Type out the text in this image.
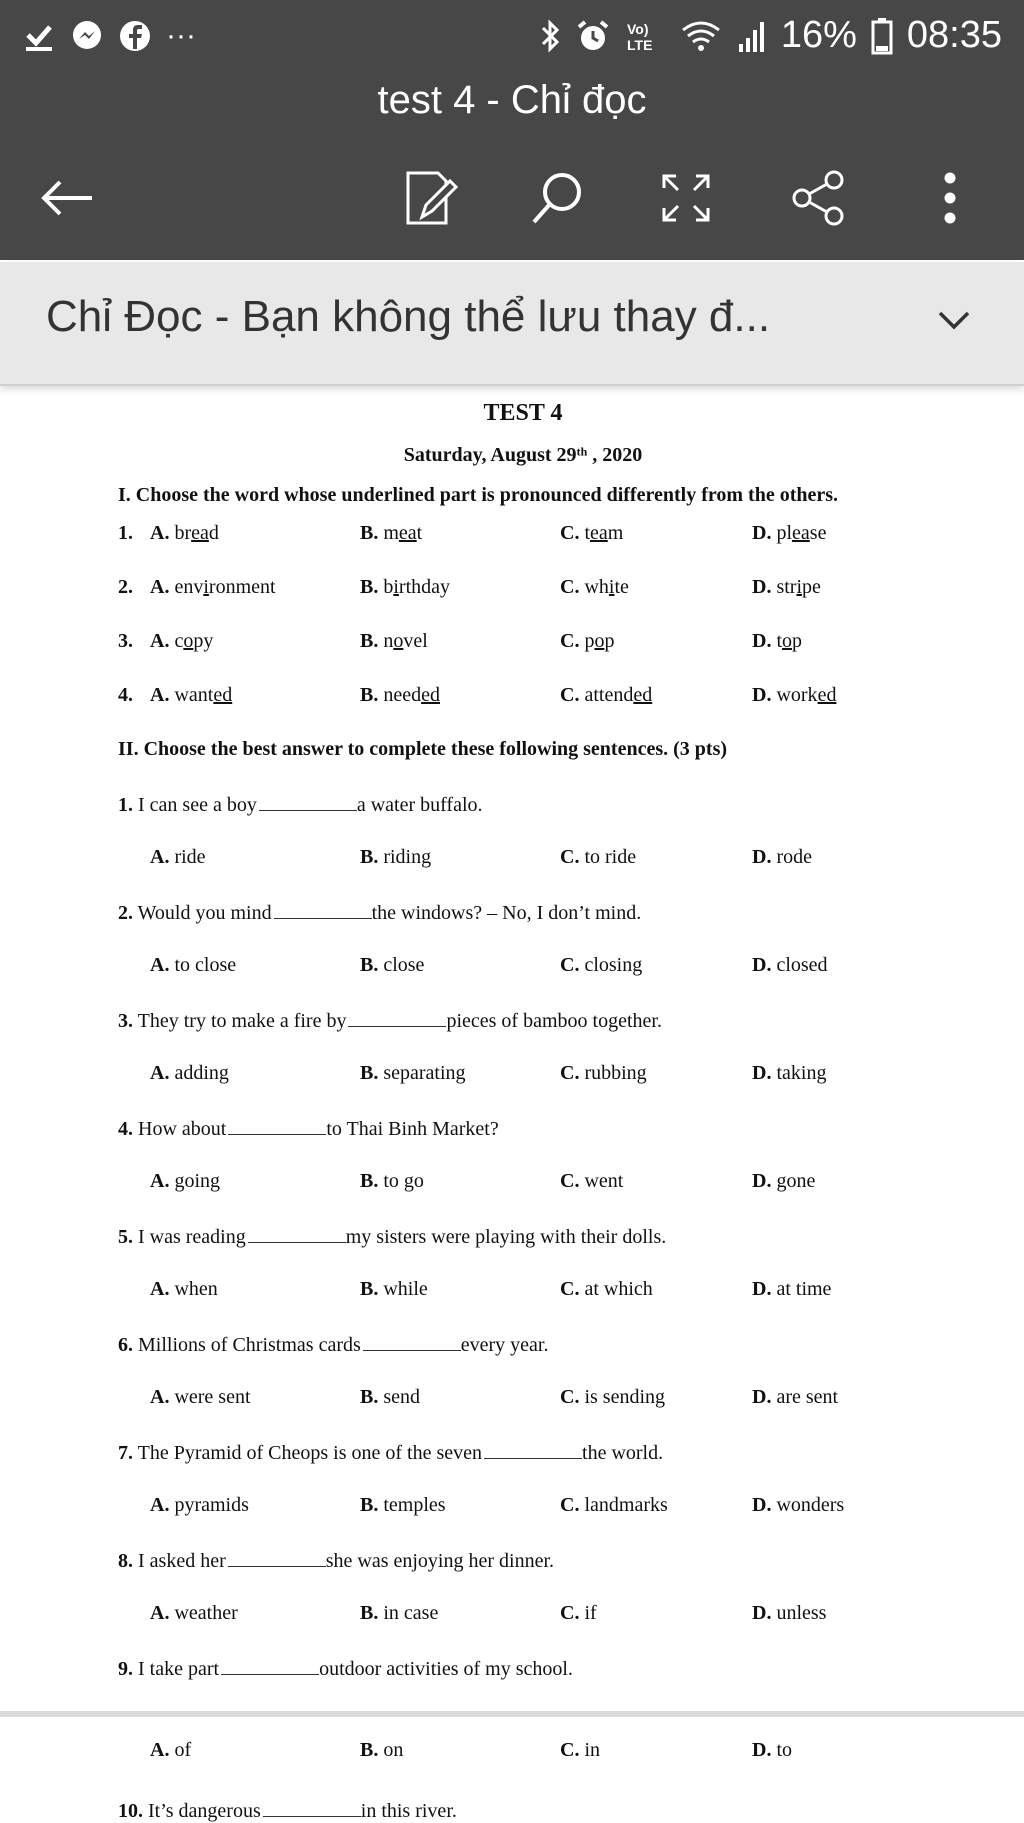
···	Vo)
LTE	16% 08:35
test 4 - Chỉ đọc
Chỉ Đọc - Bạn không thể lưu thay đ...
TEST 4
Saturday, August 29ᵗʰ , 2020
I. Choose the word whose underlined part is pronounced differently from the others.
1. A. bread	B. meat	C. team	D. please
2. A. environment	B. birthday	C. white	D. stripe
3. A. copy	B. novel	C. pop	D. top
4. A. wanted	B. needed	C. attended	D. worked
II. Choose the best answer to complete these following sentences. (3 pts)
1. I can see a boy	a water buffalo.
A. ride	B. riding	C. to ride	D. rode
2. Would you mind	the windows? – No, I don’t mind.
A. to close	B. close	C. closing	D. closed
3. They try to make a fire by	pieces of bamboo together.
A. adding	B. separating	C. rubbing	D. taking
4. How about	to Thai Binh Market?
A. going	B. to go	C. went	D. gone
5. I was reading	my sisters were playing with their dolls.
A. when	B. while	C. at which	D. at time
6. Millions of Christmas cards	every year.
A. were sent	B. send	C. is sending	D. are sent
7. The Pyramid of Cheops is one of the seven	the world.
A. pyramids	B. temples	C. landmarks	D. wonders
8. I asked her	she was enjoying her dinner.
A. weather	B. in case	C. if	D. unless
9. I take part	outdoor activities of my school.
A. of	B. on	C. in	D. to
10. It’s dangerous	in this river.
